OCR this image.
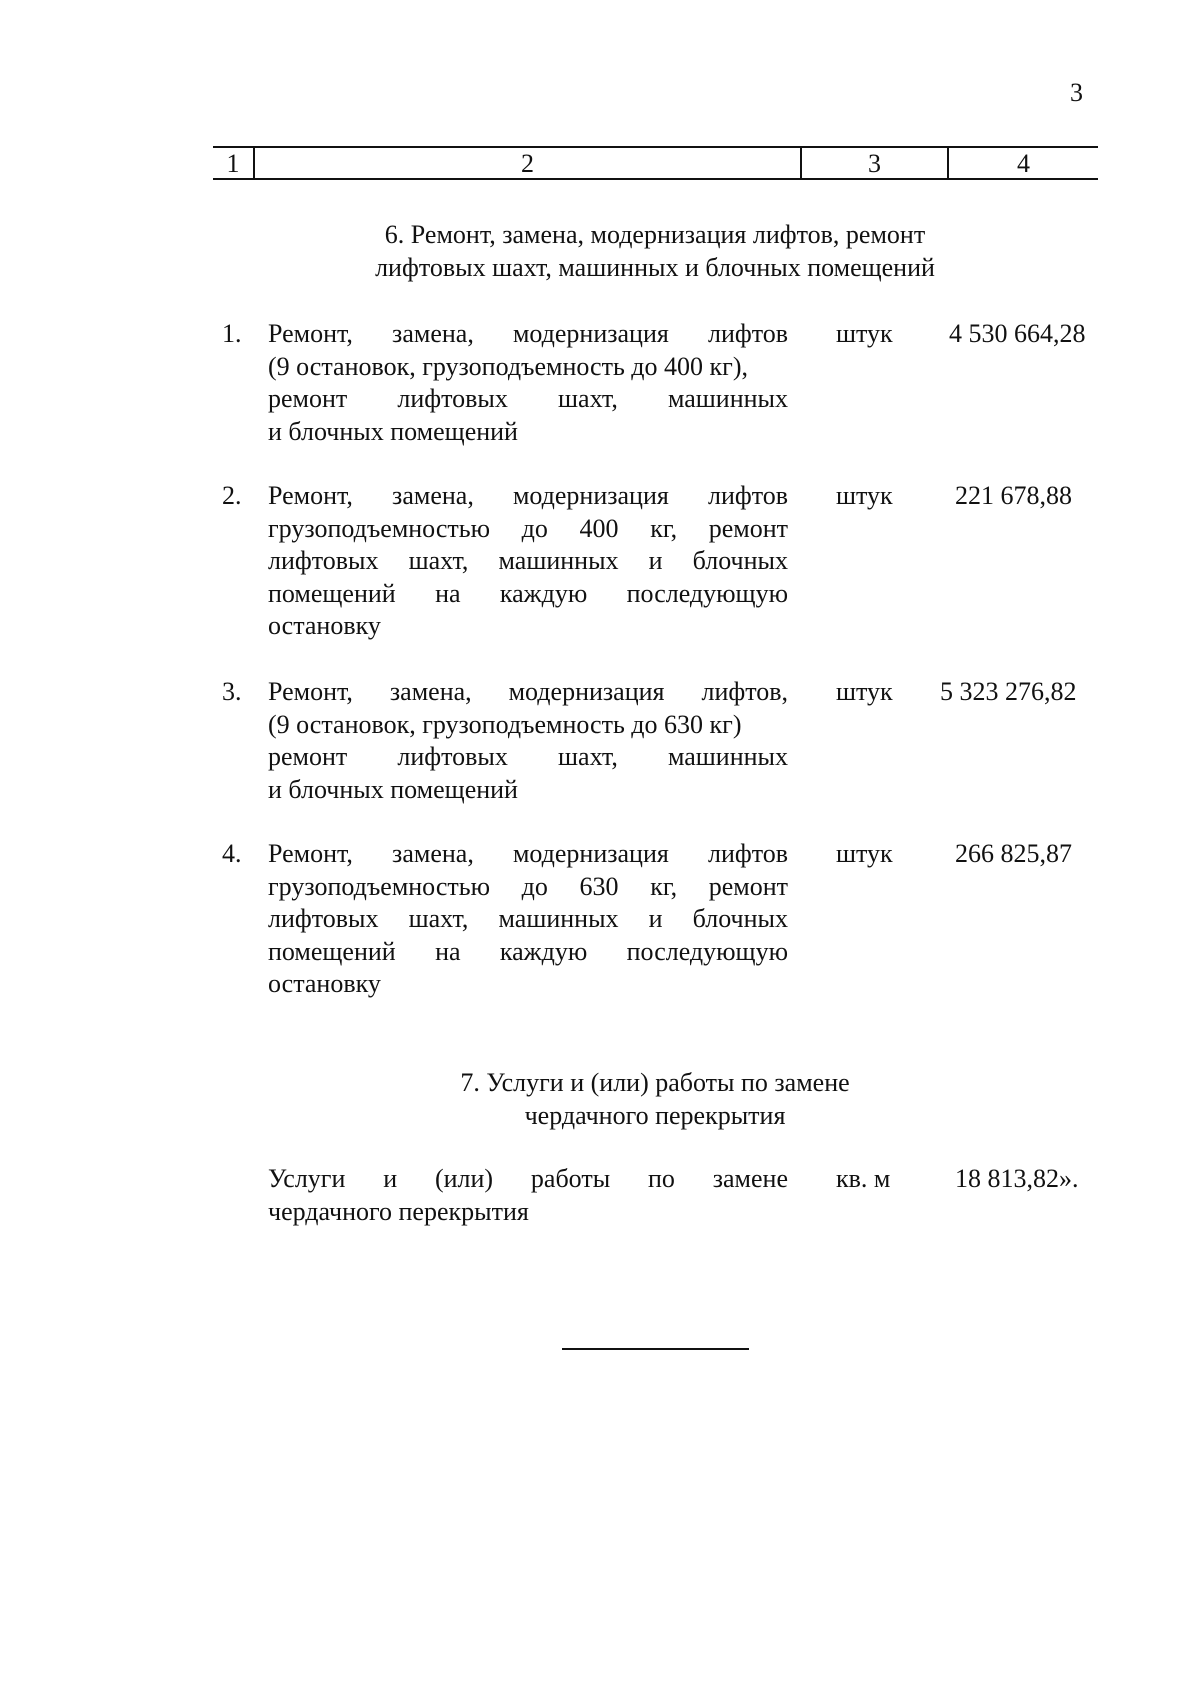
3
1	2	3	4
6. Ремонт, замена, модернизация лифтов, ремонт
лифтовых шахт, машинных и блочных помещений
1. Ремонт, замена, модернизация лифтов
(9 остановок, грузоподъемность до 400 кг),
ремонт лифтовых шахт, машинных
и блочных помещений
штук 4 530 664,28
2. Ремонт, замена, модернизация лифтов
грузоподъемностью до 400 кг, ремонт
лифтовых шахт, машинных и блочных
помещений на каждую последующую
остановку
штук 221 678,88
3. Ремонт, замена, модернизация лифтов,
(9 остановок, грузоподъемность до 630 кг)
ремонт лифтовых шахт, машинных
и блочных помещений
штук 5 323 276,82
4. Ремонт, замена, модернизация лифтов
грузоподъемностью до 630 кг, ремонт
лифтовых шахт, машинных и блочных
помещений на каждую последующую
остановку
штук 266 825,87
7. Услуги и (или) работы по замене
чердачного перекрытия
Услуги и (или) работы по замене
чердачного перекрытия
кв. м 18 813,82».
